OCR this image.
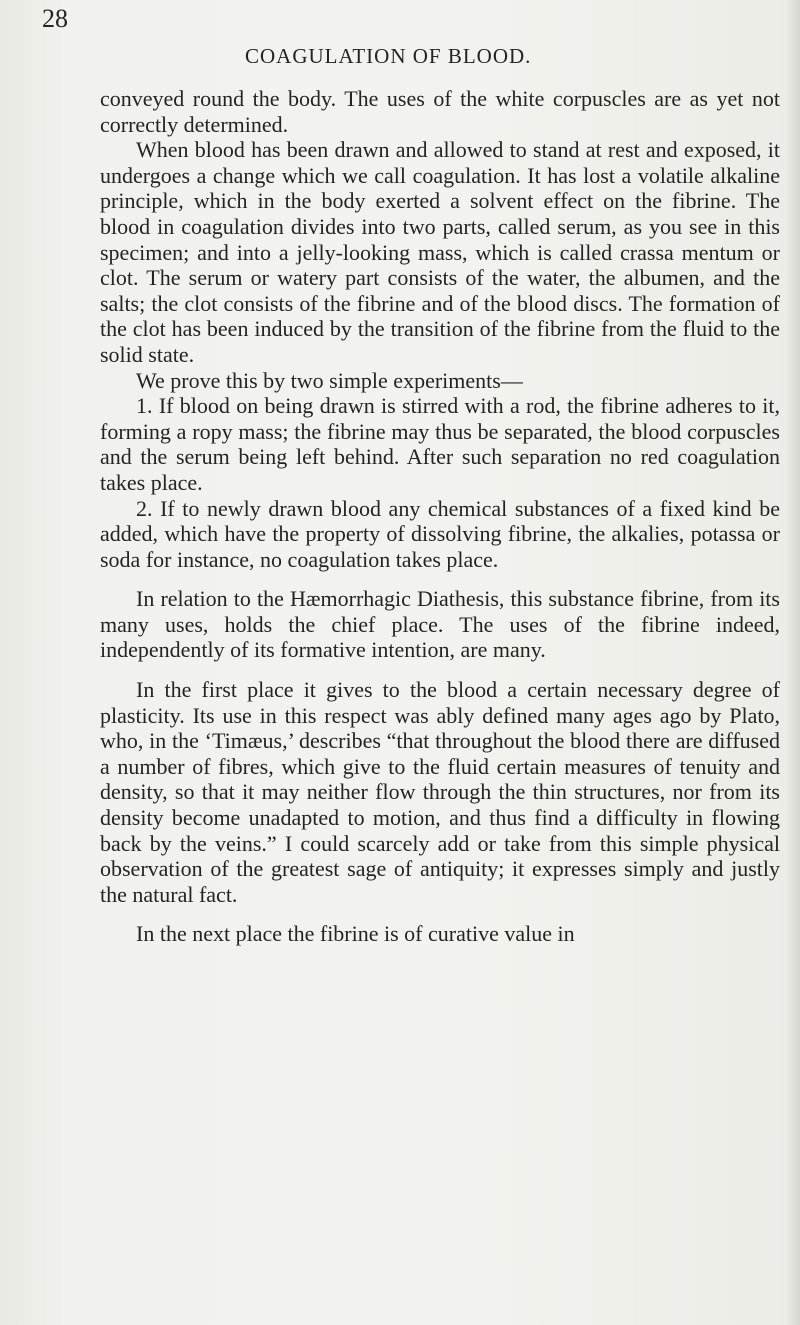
28
COAGULATION OF BLOOD.

conveyed round the body. The uses of the white corpuscles are as yet not correctly determined.

When blood has been drawn and allowed to stand at rest and exposed, it undergoes a change which we call coagulation. It has lost a volatile alkaline principle, which in the body exerted a solvent effect on the fibrine. The blood in coagulation divides into two parts, called serum, as you see in this specimen; and into a jelly-looking mass, which is called crassa mentum or clot. The serum or watery part consists of the water, the albumen, and the salts; the clot consists of the fibrine and of the blood discs. The formation of the clot has been induced by the transition of the fibrine from the fluid to the solid state.

We prove this by two simple experiments—

1. If blood on being drawn is stirred with a rod, the fibrine adheres to it, forming a ropy mass; the fibrine may thus be separated, the blood corpuscles and the serum being left behind. After such separation no red coagulation takes place.

2. If to newly drawn blood any chemical substances of a fixed kind be added, which have the property of dissolving fibrine, the alkalies, potassa or soda for instance, no coagulation takes place.

In relation to the Hæmorrhagic Diathesis, this substance fibrine, from its many uses, holds the chief place. The uses of the fibrine indeed, independently of its formative intention, are many.

In the first place it gives to the blood a certain necessary degree of plasticity. Its use in this respect was ably defined many ages ago by Plato, who, in the ‘Timæus,’ describes “that throughout the blood there are diffused a number of fibres, which give to the fluid certain measures of tenuity and density, so that it may neither flow through the thin structures, nor from its density become unadapted to motion, and thus find a difficulty in flowing back by the veins.” I could scarcely add or take from this simple physical observation of the greatest sage of antiquity; it expresses simply and justly the natural fact.

In the next place the fibrine is of curative value in
